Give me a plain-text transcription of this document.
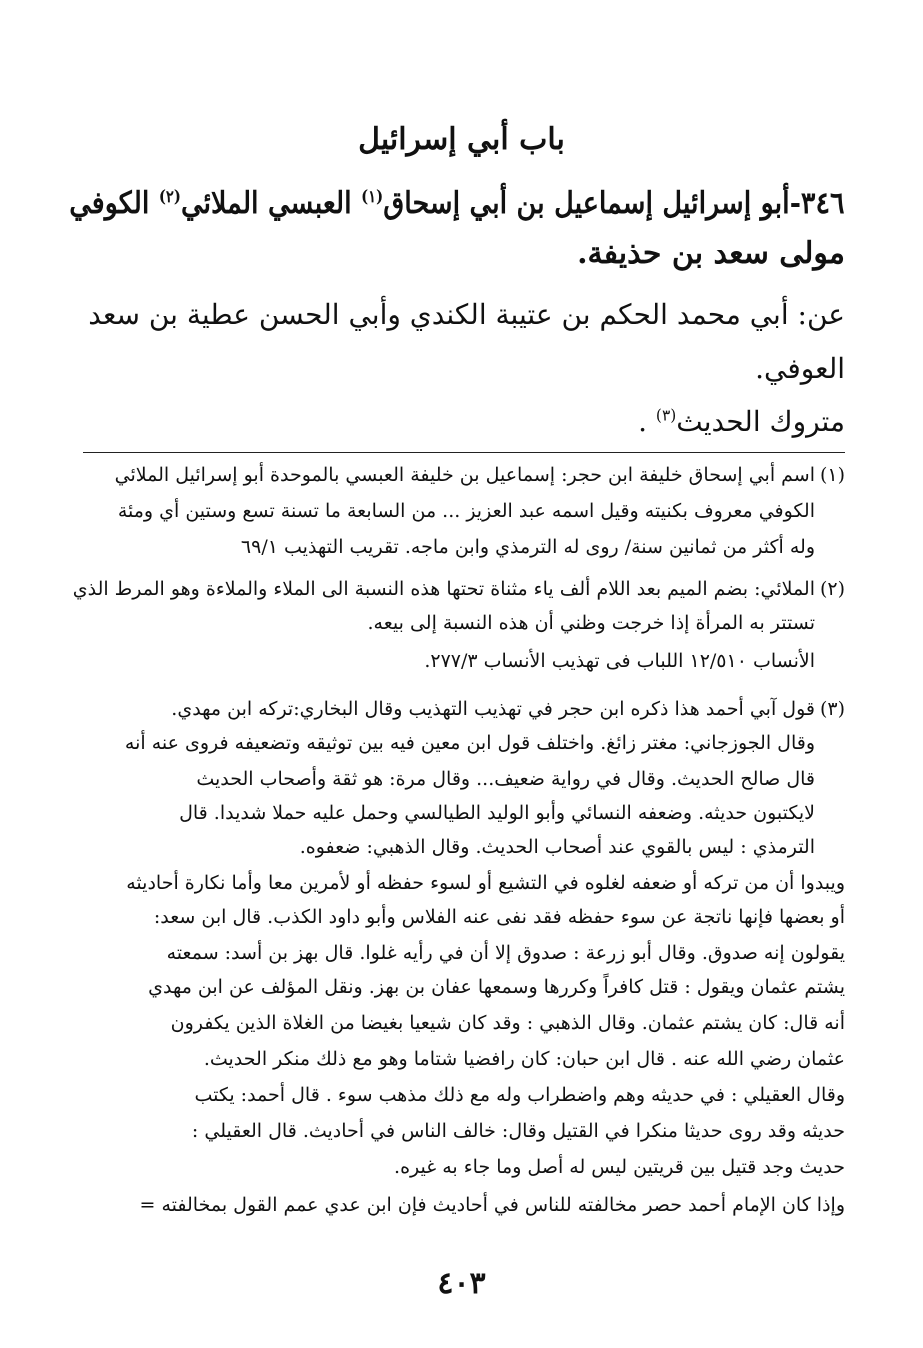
باب أبي إسرائيل
٣٤٦-أبو إسرائيل إسماعيل بن أبي إسحاق$^{(١)}$ العبسي الملائي$^{(٢)}$ الكوفي
مولى سعد بن حذيفة.
عن: أبي محمد الحكم بن عتيبة الكندي وأبي الحسن عطية بن سعد
العوفي.
متروك الحديث$^{(٣)}$ .
(١)
اسم أبي إسحاق خليفة ابن حجر: إسماعيل بن خليفة العبسي بالموحدة أبو إسرائيل الملائي
الكوفي معروف بكنيته وقيل اسمه عبد العزيز ... من السابعة ما تسنة تسع وستين أي ومئة
وله أكثر من ثمانين سنة/ روى له الترمذي وابن ماجه. تقريب التهذيب ٦٩/١
(٢)
الملائي: بضم الميم بعد اللام ألف ياء مثناة تحتها هذه النسبة الى الملاء والملاءة وهو المرط الذي
تستتر به المرأة إذا خرجت وظني أن هذه النسبة إلى بيعه.
الأنساب ١٢/٥١٠ اللباب فى تهذيب الأنساب ٢٧٧/٣.
(٣)
قول آبي أحمد هذا ذكره ابن حجر في تهذيب التهذيب وقال البخاري:تركه ابن مهدي.
وقال الجوزجاني: مغتر زائغ. واختلف قول ابن معين فيه بين توثيقه وتضعيفه فروى عنه أنه
قال صالح الحديث. وقال في رواية ضعيف... وقال مرة: هو ثقة وأصحاب الحديث
لايكتبون حديثه. وضعفه النسائي وأبو الوليد الطيالسي وحمل عليه حملا شديدا. قال
الترمذي : ليس بالقوي عند أصحاب الحديث. وقال الذهبي: ضعفوه.
ويبدوا أن من تركه أو ضعفه لغلوه في التشيع أو لسوء حفظه أو لأمرين معا وأما نكارة أحاديثه
أو بعضها فإنها ناتجة عن سوء حفظه فقد نفى عنه الفلاس وأبو داود الكذب. قال ابن سعد:
يقولون إنه صدوق. وقال أبو زرعة : صدوق إلا أن في رأيه غلوا. قال بهز بن أسد: سمعته
يشتم عثمان ويقول : قتل كافراً وكررها وسمعها عفان بن بهز. ونقل المؤلف عن ابن مهدي
أنه قال: كان يشتم عثمان. وقال الذهبي : وقد كان شيعيا بغيضا من الغلاة الذين يكفرون
عثمان رضي الله عنه . قال ابن حبان: كان رافضيا شتاما وهو مع ذلك منكر الحديث.
وقال العقيلي : في حديثه وهم واضطراب وله مع ذلك مذهب سوء . قال أحمد: يكتب
حديثه وقد روى حديثا منكرا في القتيل وقال: خالف الناس في أحاديث. قال العقيلي :
حديث وجد قتيل بين قريتين ليس له أصل وما جاء به غيره.
وإذا كان الإمام أحمد حصر مخالفته للناس في أحاديث فإن ابن عدي عمم القول بمخالفته =
٤٠٣
